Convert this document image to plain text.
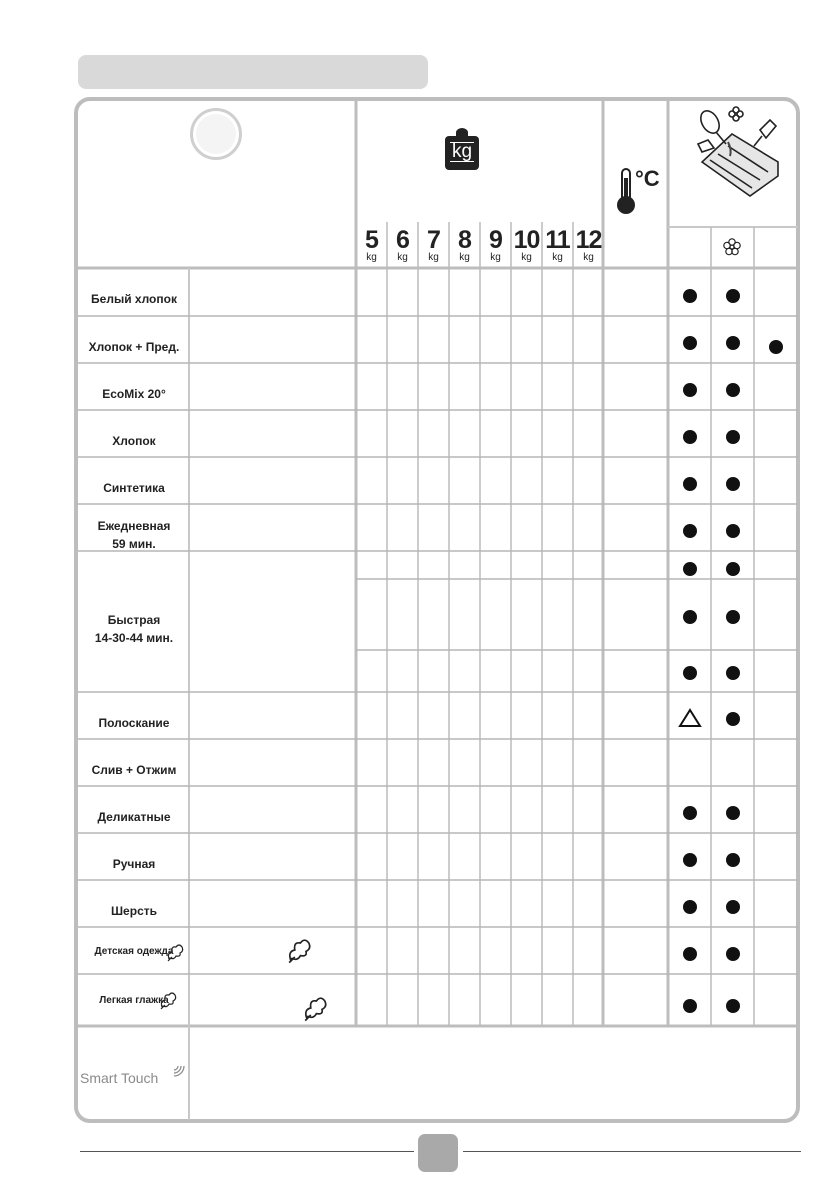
kg
5
kg
6
kg
7
kg
8
kg
9
kg
10
kg
11
kg
12
kg
°C
Белый хлопок
Хлопок + Пред.
EcoMix 20°
Хлопок
Синтетика
Ежедневная
59 мин.
Быстрая
14-30-44 мин.
Полоскание
Слив + Отжим
Деликатные
Ручная
Шерсть
Детская одежда
Легкая глажка
Smart Touch
